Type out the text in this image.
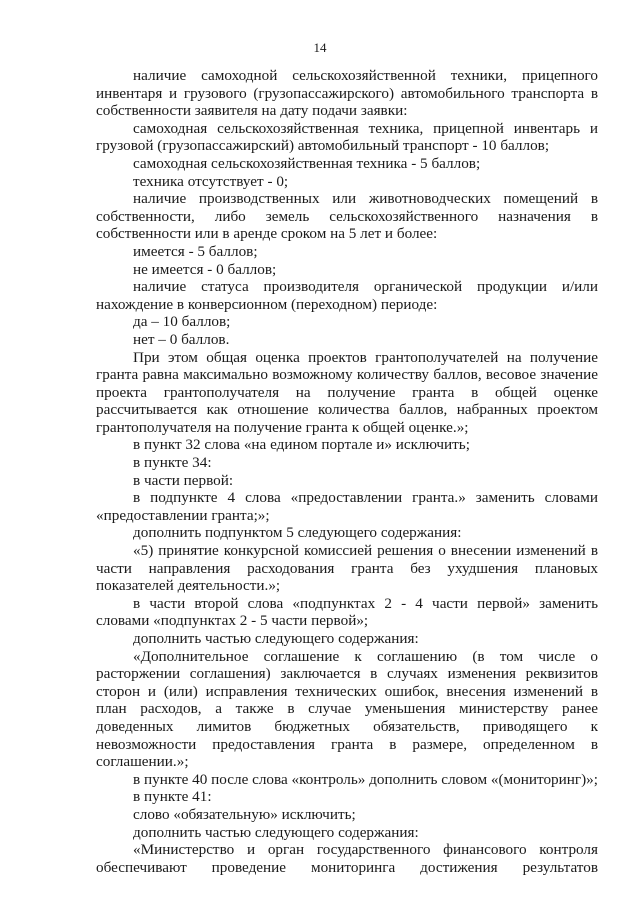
14

наличие самоходной сельскохозяйственной техники, прицепного инвентаря и грузового (грузопассажирского) автомобильного транспорта в собственности заявителя на дату подачи заявки:

самоходная сельскохозяйственная техника, прицепной инвентарь и грузовой (грузопассажирский) автомобильный транспорт - 10 баллов;

самоходная сельскохозяйственная техника - 5 баллов;

техника отсутствует - 0;

наличие производственных или животноводческих помещений в собственности, либо земель сельскохозяйственного назначения в собственности или в аренде сроком на 5 лет и более:

имеется - 5 баллов;

не имеется - 0 баллов;

наличие статуса производителя органической продукции и/или нахождение в конверсионном (переходном) периоде:

да – 10 баллов;

нет – 0 баллов.

При этом общая оценка проектов грантополучателей на получение гранта равна максимально возможному количеству баллов, весовое значение проекта грантополучателя на получение гранта в общей оценке рассчитывается как отношение количества баллов, набранных проектом грантополучателя на получение гранта к общей оценке.»;

в пункт 32 слова «на едином портале и» исключить;

в пункте 34:

в части первой:

в подпункте 4 слова «предоставлении гранта.» заменить словами «предоставлении гранта;»;

дополнить подпунктом 5 следующего содержания:

«5) принятие конкурсной комиссией решения о внесении изменений в части направления расходования гранта без ухудшения плановых показателей деятельности.»;

в части второй слова «подпунктах 2 - 4 части первой» заменить словами «подпунктах 2 - 5 части первой»;

дополнить частью следующего содержания:

«Дополнительное соглашение к соглашению (в том числе о расторжении соглашения) заключается в случаях изменения реквизитов сторон и (или) исправления технических ошибок, внесения изменений в план расходов, а также в случае уменьшения министерству ранее доведенных лимитов бюджетных обязательств, приводящего к невозможности предоставления гранта в размере, определенном в соглашении.»;

в пункте 40 после слова «контроль» дополнить словом «(мониторинг)»;

в пункте 41:

слово «обязательную» исключить;

дополнить частью следующего содержания:

«Министерство и орган государственного финансового контроля обеспечивают проведение мониторинга достижения результатов
